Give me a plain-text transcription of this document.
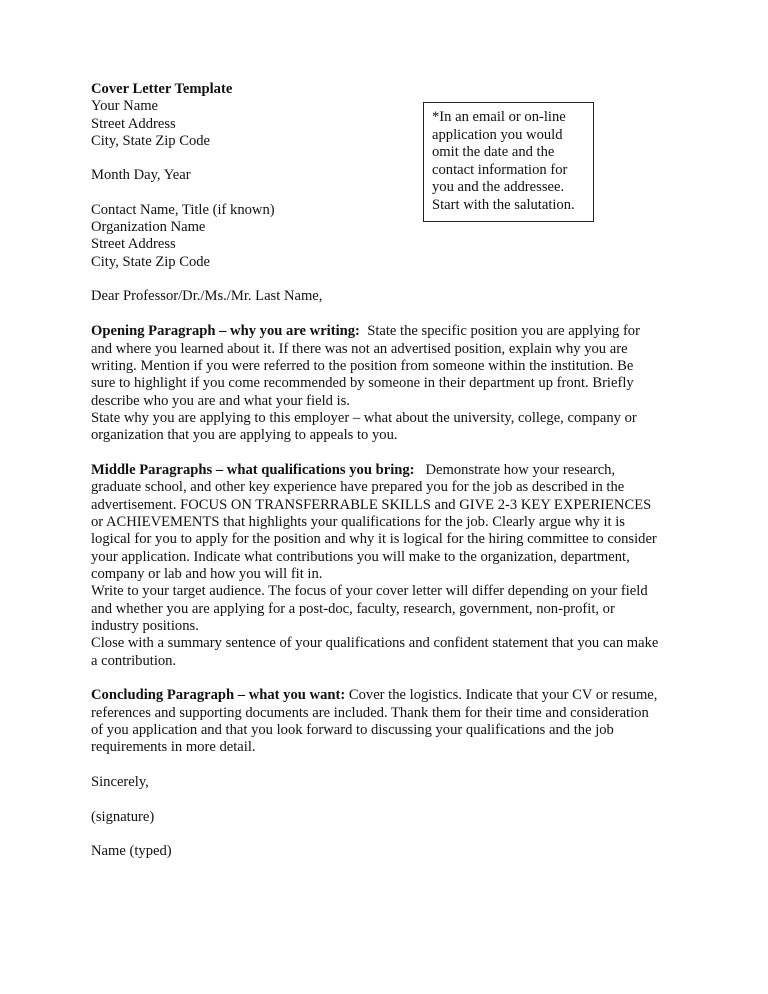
Cover Letter Template
Your Name
Street Address
City, State Zip Code
Month Day, Year
Contact Name, Title (if known)
Organization Name
Street Address
City, State Zip Code
*In an email or on-line
application you would
omit the date and the
contact information for
you and the addressee.
Start with the salutation.
Dear Professor/Dr./Ms./Mr. Last Name,
Opening Paragraph – why you are writing:  State the specific position you are applying for
and where you learned about it. If there was not an advertised position, explain why you are
writing. Mention if you were referred to the position from someone within the institution. Be
sure to highlight if you come recommended by someone in their department up front. Briefly
describe who you are and what your field is.
State why you are applying to this employer – what about the university, college, company or
organization that you are applying to appeals to you.
Middle Paragraphs – what qualifications you bring:   Demonstrate how your research,
graduate school, and other key experience have prepared you for the job as described in the
advertisement. FOCUS ON TRANSFERRABLE SKILLS and GIVE 2-3 KEY EXPERIENCES
or ACHIEVEMENTS that highlights your qualifications for the job. Clearly argue why it is
logical for you to apply for the position and why it is logical for the hiring committee to consider
your application. Indicate what contributions you will make to the organization, department,
company or lab and how you will fit in.
Write to your target audience. The focus of your cover letter will differ depending on your field
and whether you are applying for a post-doc, faculty, research, government, non-profit, or
industry positions.
Close with a summary sentence of your qualifications and confident statement that you can make
a contribution.
Concluding Paragraph – what you want: Cover the logistics. Indicate that your CV or resume,
references and supporting documents are included. Thank them for their time and consideration
of you application and that you look forward to discussing your qualifications and the job
requirements in more detail.
Sincerely,
(signature)
Name (typed)
